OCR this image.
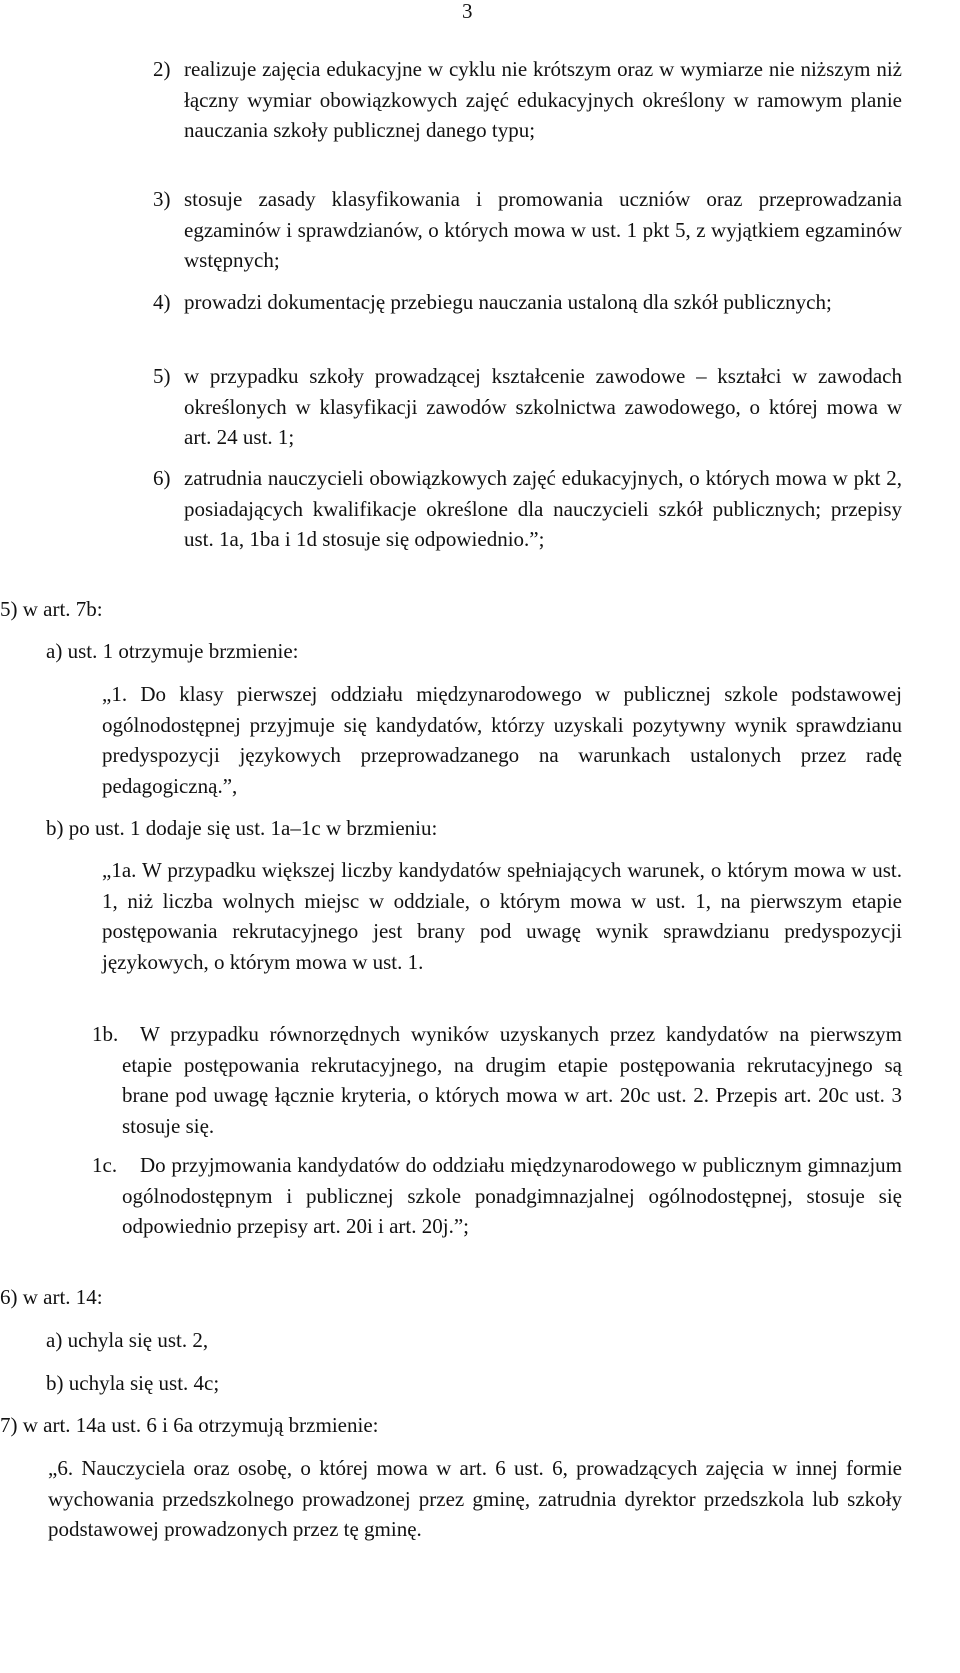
3
2) realizuje zajęcia edukacyjne w cyklu nie krótszym oraz w wymiarze nie niższym niż łączny wymiar obowiązkowych zajęć edukacyjnych określony w ramowym planie nauczania szkoły publicznej danego typu;

3) stosuje zasady klasyfikowania i promowania uczniów oraz przeprowadzania egzaminów i sprawdzianów, o których mowa w ust. 1 pkt 5, z wyjątkiem egzaminów wstępnych;

4) prowadzi dokumentację przebiegu nauczania ustaloną dla szkół publicznych;

5) w przypadku szkoły prowadzącej kształcenie zawodowe – kształci w zawodach określonych w klasyfikacji zawodów szkolnictwa zawodowego, o której mowa w art. 24 ust. 1;

6) zatrudnia nauczycieli obowiązkowych zajęć edukacyjnych, o których mowa w pkt 2, posiadających kwalifikacje określone dla nauczycieli szkół publicznych; przepisy ust. 1a, 1ba i 1d stosuje się odpowiednio.”;

5) w art. 7b:
a) ust. 1 otrzymuje brzmienie:

„1. Do klasy pierwszej oddziału międzynarodowego w publicznej szkole podstawowej ogólnodostępnej przyjmuje się kandydatów, którzy uzyskali pozytywny wynik sprawdzianu predyspozycji językowych przeprowadzanego na warunkach ustalonych przez radę pedagogiczną.”,

b) po ust. 1 dodaje się ust. 1a–1c w brzmieniu:

„1a. W przypadku większej liczby kandydatów spełniających warunek, o którym mowa w ust. 1, niż liczba wolnych miejsc w oddziale, o którym mowa w ust. 1, na pierwszym etapie postępowania rekrutacyjnego jest brany pod uwagę wynik sprawdzianu predyspozycji językowych, o którym mowa w ust. 1.

1b.	W przypadku równorzędnych wyników uzyskanych przez kandydatów na pierwszym etapie postępowania rekrutacyjnego, na drugim etapie postępowania rekrutacyjnego są brane pod uwagę łącznie kryteria, o których mowa w art. 20c ust. 2. Przepis art. 20c ust. 3 stosuje się.

1c.	Do przyjmowania kandydatów do oddziału międzynarodowego w publicznym gimnazjum ogólnodostępnym i publicznej szkole ponadgimnazjalnej ogólnodostępnej, stosuje się odpowiednio przepisy art. 20i i art. 20j.”;

6) w art. 14:
a) uchyla się ust. 2,
b) uchyla się ust. 4c;
7) w art. 14a ust. 6 i 6a otrzymują brzmienie:

„6. Nauczyciela oraz osobę, o której mowa w art. 6 ust. 6, prowadzących zajęcia w innej formie wychowania przedszkolnego prowadzonej przez gminę, zatrudnia dyrektor przedszkola lub szkoły podstawowej prowadzonych przez tę gminę.
